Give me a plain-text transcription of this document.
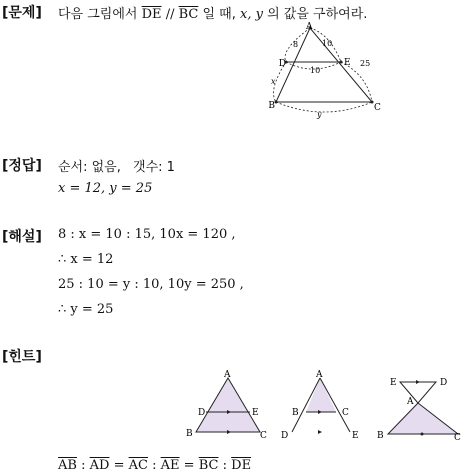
[문제] 다음 그림에서 $\overline{DE} // \overline{BC}$ 일 때, x, y 의 값을 구하여라.
A
D	E
B	C
8	10
25
10
x
y
[정답] 순서: 없음, 갯수: 1
x = 12, y = 25
[해설] 8 : x = 10 : 15, 10x = 120 ,
∴ x = 12
25 : 10 = y : 10, 10y = 250 ,
∴ y = 25
[힌트]
A
D	E
B	C
A
B	C
D	E
E	D
A
B	C
$\overline{AB}$ : $\overline{AD} = \overline{AC}$ : $\overline{AE} = \overline{BC}$ : $\overline{DE}$
